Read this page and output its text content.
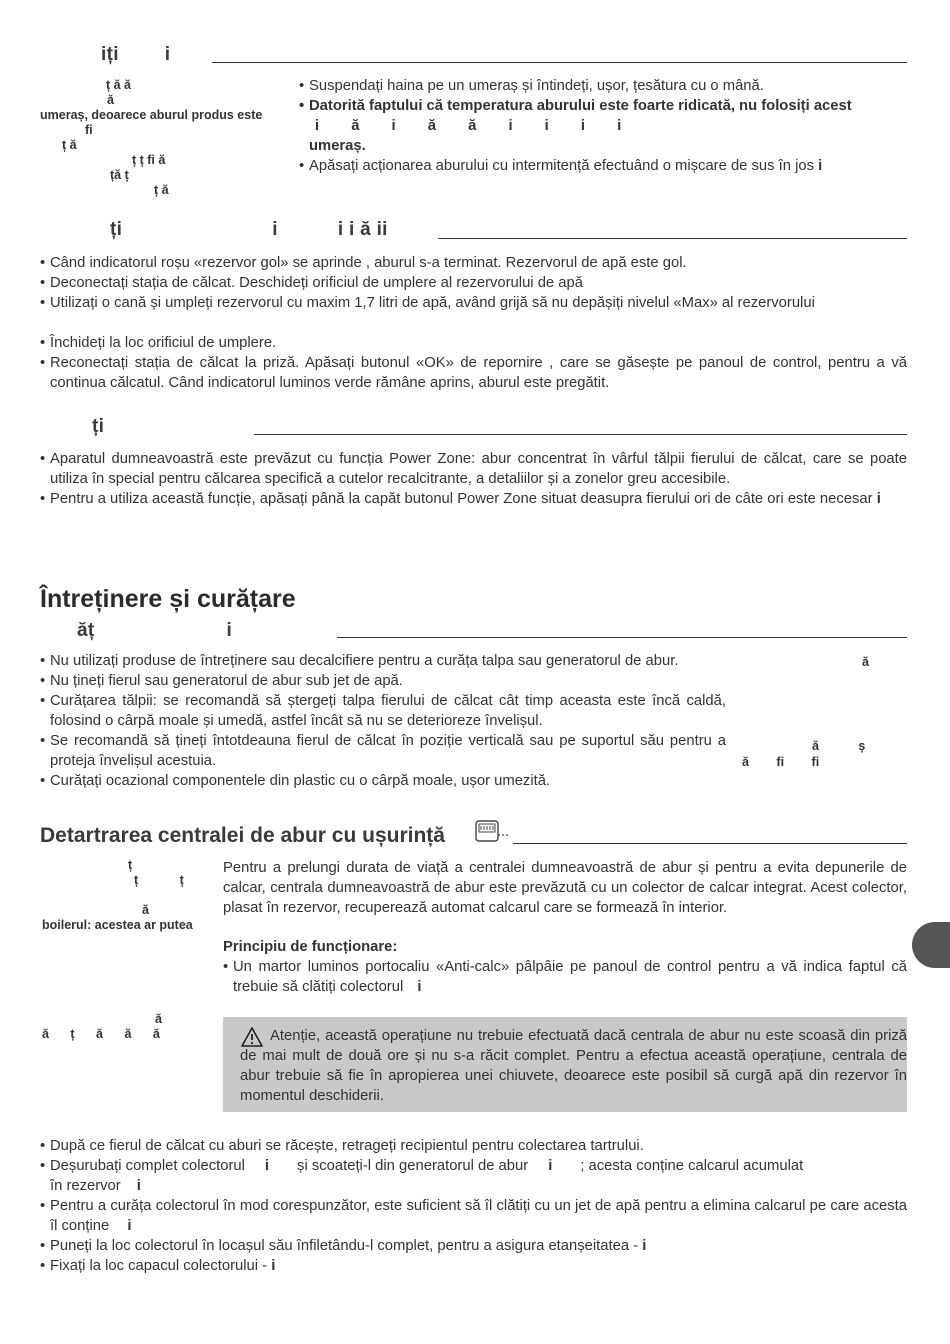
iți i
ț ă ă
ă
umeraș, deoarece aburul produs este
fi
ț ă
ț ț fi ă
ță ț
ț ă
• Suspendați haina pe un umeraș și întindeți, ușor, țesătura cu o mână.
• Datorită faptului că temperatura aburului este foarte ridicată, nu folosiți acest
i ă i ă ă i i i i
umeraș.
• Apăsați acționarea aburului cu intermitență efectuând o mișcare de sus în jos i
ți	i	i i ă ii
• Când indicatorul roșu «rezervor gol» se aprinde , aburul s-a terminat. Rezervorul de apă este gol.
• Deconectați stația de călcat. Deschideți orificiul de umplere al rezervorului de apă
• Utilizați o cană și umpleți rezervorul cu maxim 1,7 litri de apă, având grijă să nu depășiți nivelul «Max» al rezervorului
• Închideți la loc orificiul de umplere.
• Reconectați stația de călcat la priză. Apăsați butonul «OK» de repornire , care se găsește pe panoul de control, pentru a vă continua călcatul. Când indicatorul luminos verde rămâne aprins, aburul este pregătit.
ți
• Aparatul dumneavoastră este prevăzut cu funcția Power Zone: abur concentrat în vârful tălpii fierului de călcat, care se poate utiliza în special pentru călcarea specifică a cutelor recalcitrante, a detaliilor și a zonelor greu accesibile.
• Pentru a utiliza această funcție, apăsați până la capăt butonul Power Zone situat deasupra fierului ori de câte ori este necesar i
Întreținere și curățare
ăț	i
• Nu utilizați produse de întreținere sau decalcifiere pentru a curăța talpa sau generatorul de abur.
• Nu țineți fierul sau generatorul de abur sub jet de apă.
• Curățarea tălpii: se recomandă să ștergeți talpa fierului de călcat cât timp aceasta este încă caldă, folosind o cârpă moale și umedă, astfel încât să nu se deterioreze învelișul.
• Se recomandă să țineți întotdeauna fierul de călcat în poziție verticală sau pe suportul său pentru a proteja învelișul acestuia.
• Curățați ocazional componentele din plastic cu o cârpă moale, ușor umezită.
ă
ă ș
ă fi fi
Detartrarea centralei de abur cu ușurință
ț
ț ț
ă
boilerul: acestea ar putea
ă
ă ț ă ă ă
Pentru a prelungi durata de viață a centralei dumneavoastră de abur și pentru a evita depunerile de calcar, centrala dumneavoastră de abur este prevăzută cu un colector de calcar integrat. Acest colector, plasat în rezervor, recuperează automat calcarul care se formează în interior.
Principiu de funcționare:
• Un martor luminos portocaliu «Anti-calc» pâlpâie pe panoul de control pentru a vă indica faptul că trebuie să clătiți colectorul i
Atenție, această operațiune nu trebuie efectuată dacă centrala de abur nu este scoasă din priză de mai mult de două ore și nu s-a răcit complet. Pentru a efectua această operațiune, centrala de abur trebuie să fie în apropierea unei chiuvete, deoarece este posibil să curgă apă din rezervor în momentul deschiderii.
• După ce fierul de călcat cu aburi se răcește, retrageți recipientul pentru colectarea tartrului.
• Deșurubați complet colectorul i și scoateți-l din generatorul de abur i ; acesta conține calcarul acumulat
în rezervor i
• Pentru a curăța colectorul în mod corespunzător, este suficient să îl clătiți cu un jet de apă pentru a elimina calcarul pe care acesta îl conține i
• Puneți la loc colectorul în locașul său înfiletându-l complet, pentru a asigura etanșeitatea - i
• Fixați la loc capacul colectorului - i
